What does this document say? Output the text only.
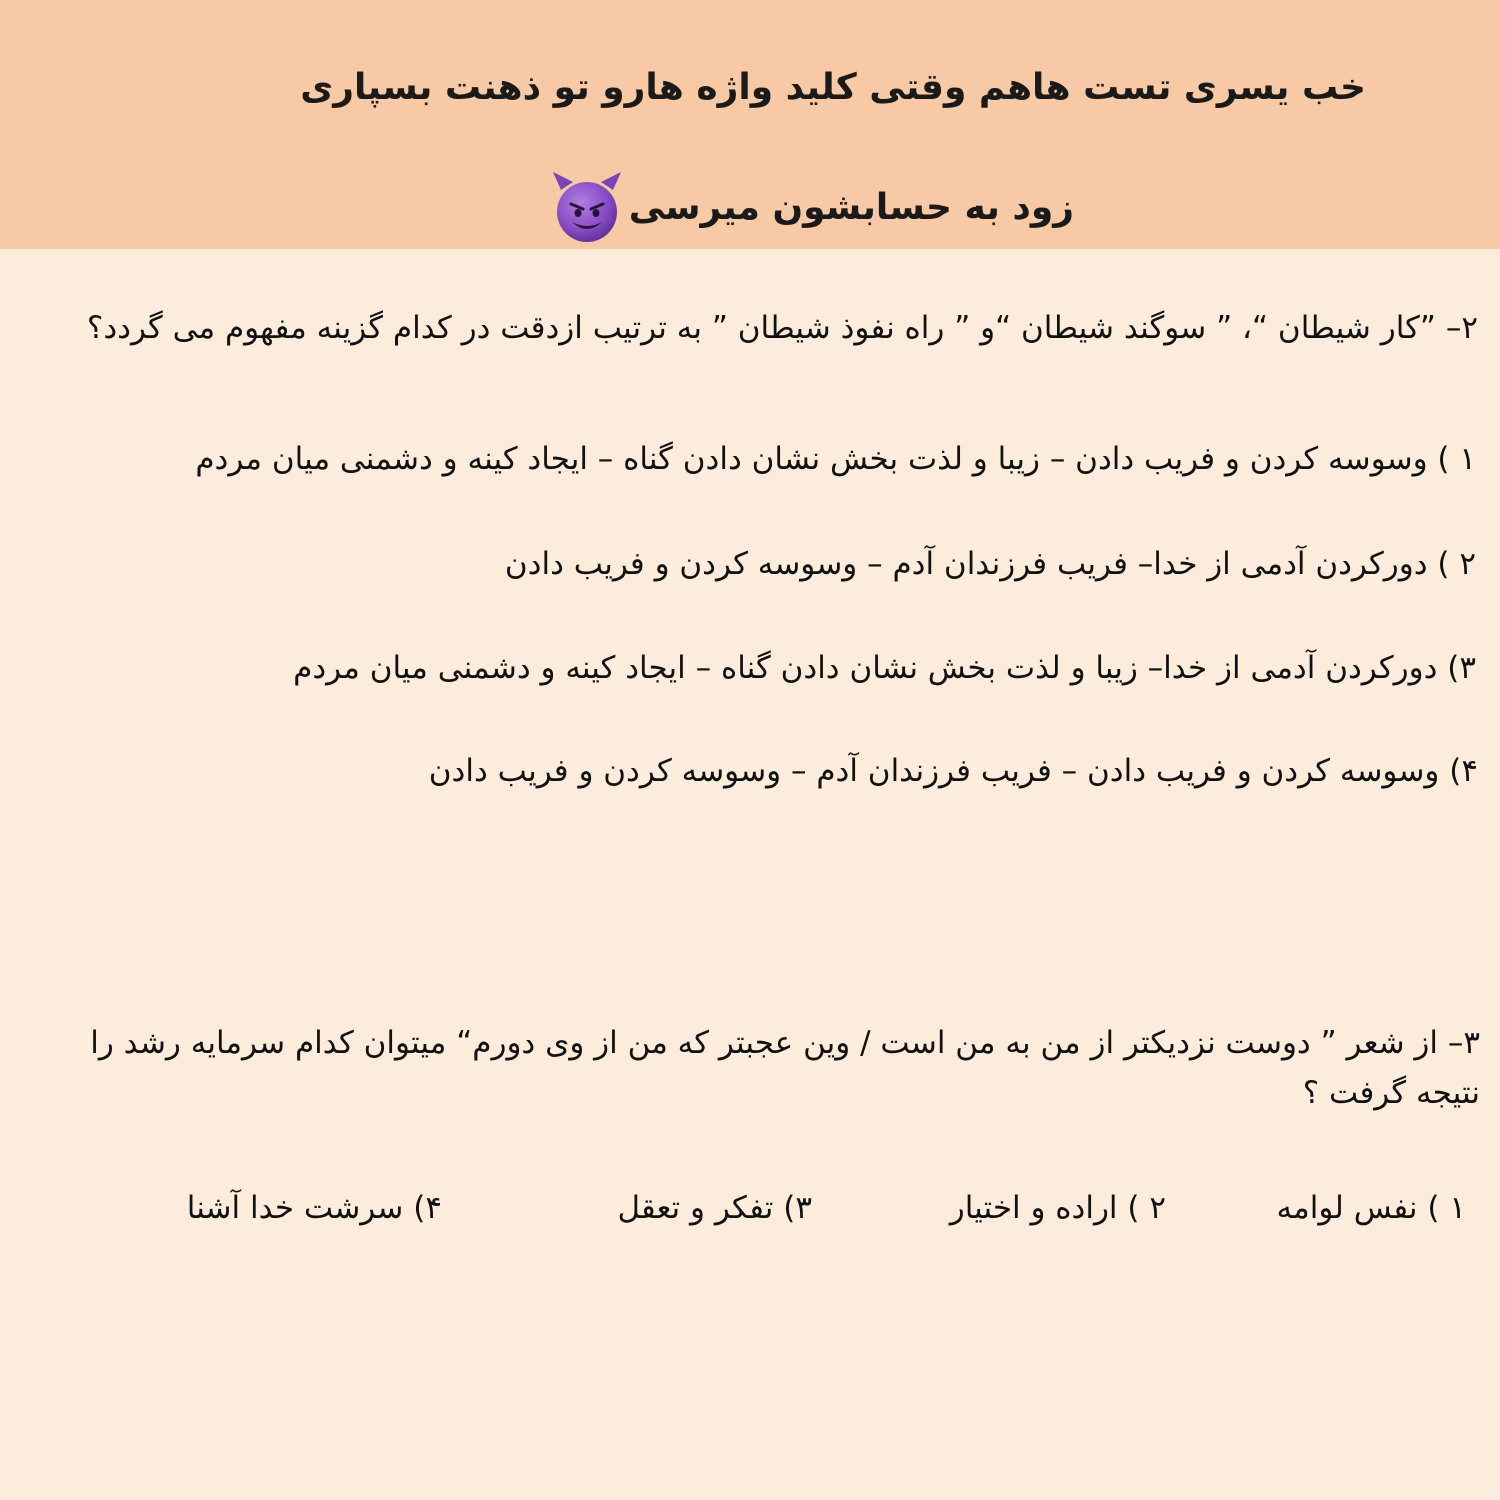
خب یسری تست هاهم وقتی کلید واژه هارو تو ذهنت بسپاری
زود به حسابشون میرسی
۲– ”کار شیطان “، ” سوگند شیطان “و ” راه نفوذ شیطان ” به ترتیب ازدقت در کدام گزینه مفهوم می گردد؟
۱ ) وسوسه کردن و فریب دادن – زیبا و لذت بخش نشان دادن گناه – ایجاد کینه و دشمنی میان مردم
۲ ) دورکردن آدمی از خدا– فریب فرزندان آدم – وسوسه کردن و فریب دادن
۳) دورکردن آدمی از خدا– زیبا و لذت بخش نشان دادن گناه – ایجاد کینه و دشمنی میان مردم
۴) وسوسه کردن و فریب دادن – فریب فرزندان آدم – وسوسه کردن و فریب دادن
۳– از شعر ” دوست نزدیکتر از من به من است / وین عجبتر که من از وی دورم“ میتوان کدام سرمایه رشد را نتیجه گرفت ؟
۱ ) نفس لوامه
۲ ) اراده و اختیار
۳) تفکر و تعقل
۴) سرشت خدا آشنا
